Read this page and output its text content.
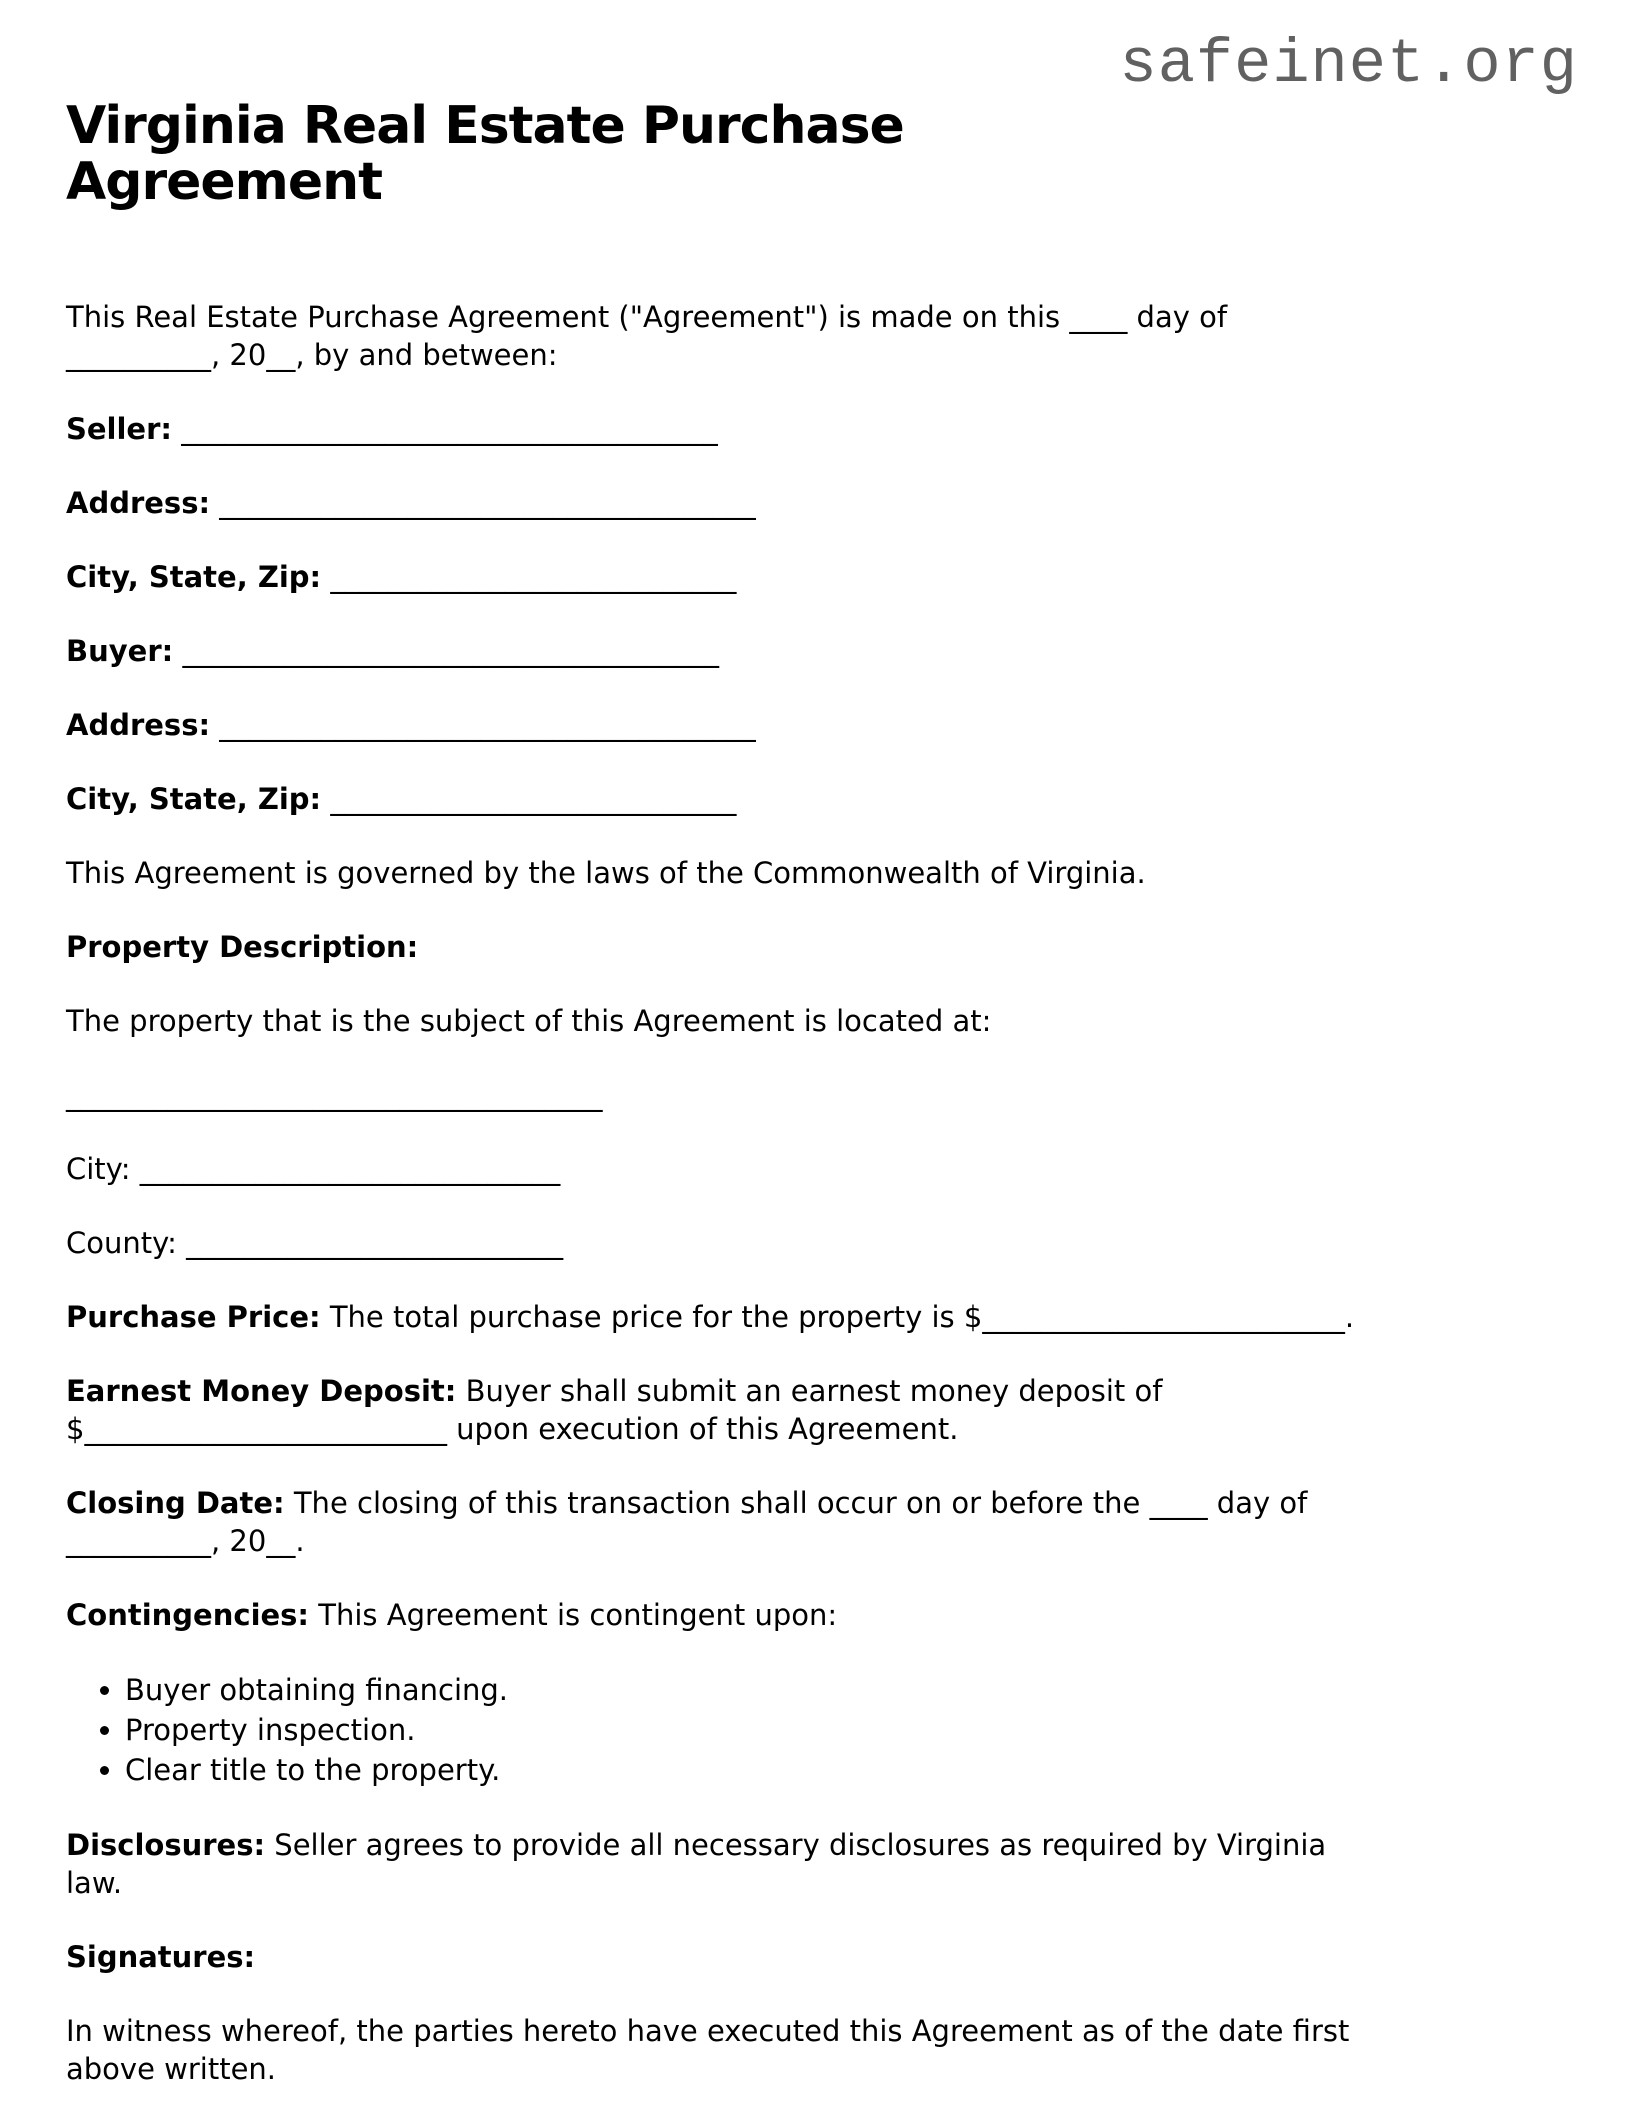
safeinet.org
Virginia Real Estate Purchase
Agreement

This Real Estate Purchase Agreement ("Agreement") is made on this ____ day of
__________, 20__, by and between:

Seller: _____________________________________

Address: _____________________________________

City, State, Zip: ____________________________

Buyer: _____________________________________

Address: _____________________________________

City, State, Zip: ____________________________

This Agreement is governed by the laws of the Commonwealth of Virginia.

Property Description:

The property that is the subject of this Agreement is located at:

_____________________________________

City: _____________________________

County: __________________________

Purchase Price: The total purchase price for the property is $_________________________.

Earnest Money Deposit: Buyer shall submit an earnest money deposit of
$_________________________ upon execution of this Agreement.

Closing Date: The closing of this transaction shall occur on or before the ____ day of
__________, 20__.

Contingencies: This Agreement is contingent upon:

• Buyer obtaining financing.
• Property inspection.
• Clear title to the property.

Disclosures: Seller agrees to provide all necessary disclosures as required by Virginia
law.

Signatures:

In witness whereof, the parties hereto have executed this Agreement as of the date first
above written.
